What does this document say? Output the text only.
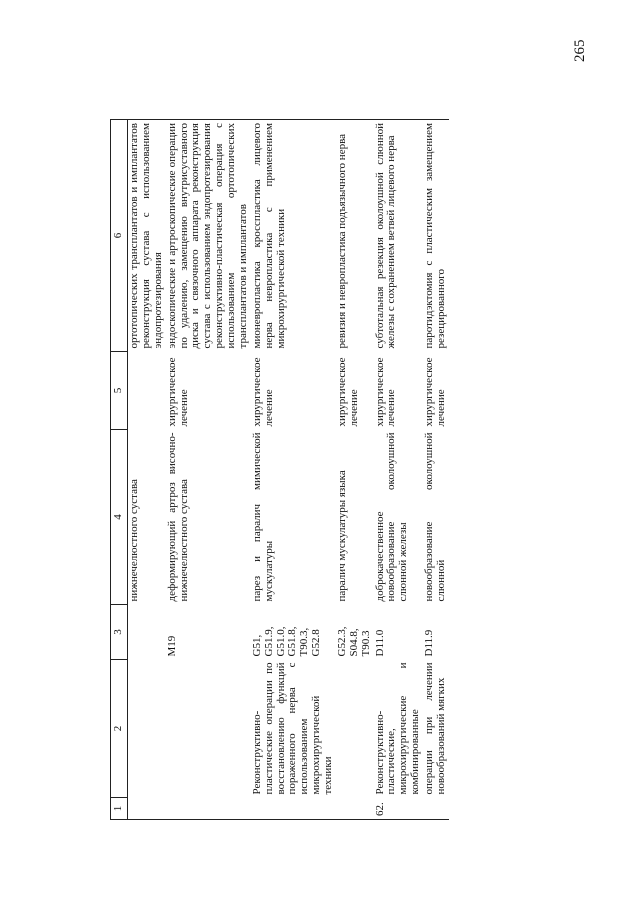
265
1	2	3	4	5	6
			нижнечелюстного сустава		ортотопических трансплантатов и имплантатов реконструкция сустава с использованием эндопротезирования
		M19	деформирующий артроз височно-нижнечелюстного сустава	хирургическое лечение	эндоскопические и артроскопические операции по удалению, замещению внутрисуставного диска и связочного аппарата реконструкция сустава с использованием эндопротезирования реконструктивно-пластическая операция с использованием ортотопических трансплантатов и имплантатов
	Реконструктивно-пластические операции по восстановлению функций пораженного нерва с использованием микрохирургической техники	G51, G51.9, G51.0, G51.8, T90.3, G52.8	парез и паралич мимической мускулатуры	хирургическое лечение	мионевропластика кросспластика лицевого нерва невропластика с применением микрохирургической техники
		G52.3, S04.8, T90.3	паралич мускулатуры языка	хирургическое лечение	ревизия и невропластика подъязычного нерва
62.	Реконструктивно-пластические, микрохирургические и комбинированные	D11.0	доброкачественное новообразование околоушной слюнной железы	хирургическое лечение	субтотальная резекция околоушной слюнной железы с сохранением ветвей лицевого нерва
	операции при лечении новообразований мягких	D11.9	новообразование околоушной слюнной	хирургическое лечение	паротидэктомия с пластическим замещением резецированного
